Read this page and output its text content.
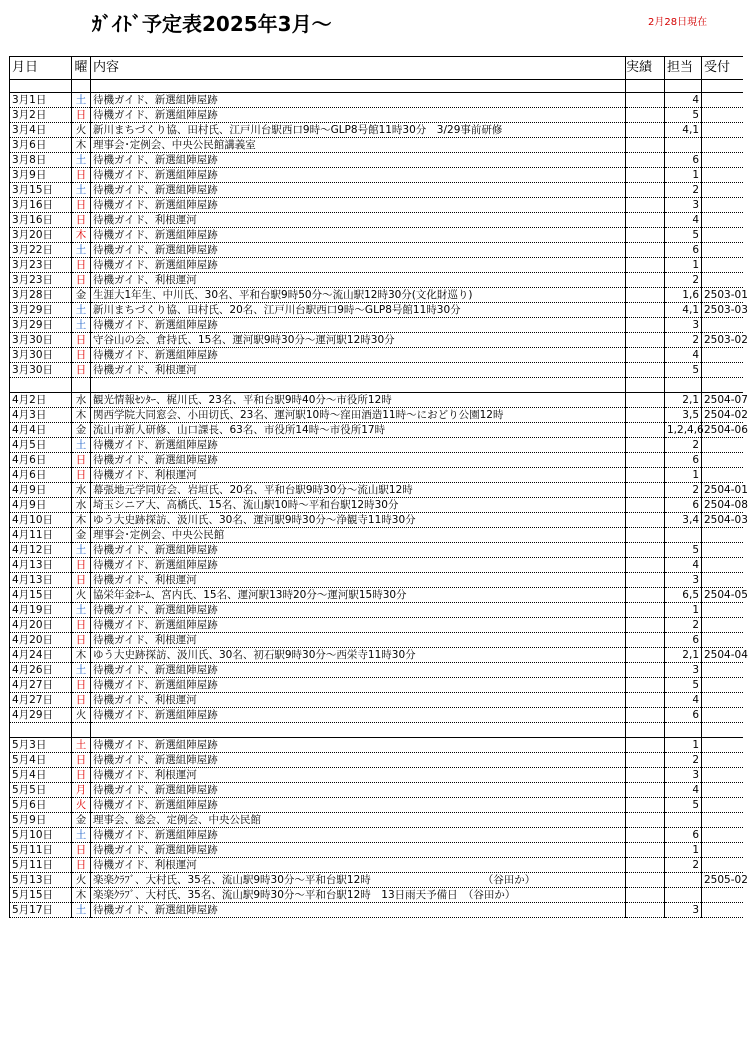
ｶﾞｲﾄﾞ予定表2025年3月～	2月28日現在
月日	曜	内容	実績	担当	受付

3月1日	土	待機ガイド、新選組陣屋跡		4	
3月2日	日	待機ガイド、新選組陣屋跡		5	
3月4日	火	新川まちづくり協、田村氏、江戸川台駅西口9時～GLP8号館11時30分　3/29事前研修		4,1	
3月6日	木	理事会･定例会、中央公民館講義室			
3月8日	土	待機ガイド、新選組陣屋跡		6	
3月9日	日	待機ガイド、新選組陣屋跡		1	
3月15日	土	待機ガイド、新選組陣屋跡		2	
3月16日	日	待機ガイド、新選組陣屋跡		3	
3月16日	日	待機ガイド、利根運河		4	
3月20日	木	待機ガイド、新選組陣屋跡		5	
3月22日	土	待機ガイド、新選組陣屋跡		6	
3月23日	日	待機ガイド、新選組陣屋跡		1	
3月23日	日	待機ガイド、利根運河		2	
3月28日	金	生涯大1年生、中川氏、30名、平和台駅9時50分～流山駅12時30分(文化財巡り)		1,6	2503-01
3月29日	土	新川まちづくり協、田村氏、20名、江戸川台駅西口9時～GLP8号館11時30分		4,1	2503-03
3月29日	土	待機ガイド、新選組陣屋跡		3	
3月30日	日	守谷山の会、倉持氏、15名、運河駅9時30分～運河駅12時30分		2	2503-02
3月30日	日	待機ガイド、新選組陣屋跡		4	
3月30日	日	待機ガイド、利根運河		5	

4月2日	水	観光情報ｾﾝﾀｰ、梶川氏、23名、平和台駅9時40分～市役所12時		2,1	2504-07
4月3日	木	関西学院大同窓会、小田切氏、23名、運河駅10時～窪田酒造11時～におどり公園12時		3,5	2504-02
4月4日	金	流山市新人研修、山口課長、63名、市役所14時～市役所17時		1,2,4,6	2504-06
4月5日	土	待機ガイド、新選組陣屋跡		2	
4月6日	日	待機ガイド、新選組陣屋跡		6	
4月6日	日	待機ガイド、利根運河		1	
4月9日	水	幕張地元学同好会、岩垣氏、20名、平和台駅9時30分～流山駅12時		2	2504-01
4月9日	水	埼玉シニア大、高橋氏、15名、流山駅10時～平和台駅12時30分		6	2504-08
4月10日	木	ゆう大史跡探訪、汲川氏、30名、運河駅9時30分～浄観寺11時30分		3,4	2504-03
4月11日	金	理事会･定例会、中央公民館			
4月12日	土	待機ガイド、新選組陣屋跡		5	
4月13日	日	待機ガイド、新選組陣屋跡		4	
4月13日	日	待機ガイド、利根運河		3	
4月15日	火	協栄年金ﾎｰﾑ、宮内氏、15名、運河駅13時20分～運河駅15時30分		6,5	2504-05
4月19日	土	待機ガイド、新選組陣屋跡		1	
4月20日	日	待機ガイド、新選組陣屋跡		2	
4月20日	日	待機ガイド、利根運河		6	
4月24日	木	ゆう大史跡探訪、汲川氏、30名、初石駅9時30分～西栄寺11時30分		2,1	2504-04
4月26日	土	待機ガイド、新選組陣屋跡		3	
4月27日	日	待機ガイド、新選組陣屋跡		5	
4月27日	日	待機ガイド、利根運河		4	
4月29日	火	待機ガイド、新選組陣屋跡		6	

5月3日	土	待機ガイド、新選組陣屋跡		1	
5月4日	日	待機ガイド、新選組陣屋跡		2	
5月4日	日	待機ガイド、利根運河		3	
5月5日	月	待機ガイド、新選組陣屋跡		4	
5月6日	火	待機ガイド、新選組陣屋跡		5	
5月9日	金	理事会、総会、定例会、中央公民館			
5月10日	土	待機ガイド、新選組陣屋跡		6	
5月11日	日	待機ガイド、新選組陣屋跡		1	
5月11日	日	待機ガイド、利根運河		2	
5月13日	火	楽楽ｸﾗﾌﾞ、大村氏、35名、流山駅9時30分～平和台駅12時 （谷田か）			2505-02
5月15日	木	楽楽ｸﾗﾌﾞ、大村氏、35名、流山駅9時30分～平和台駅12時　13日雨天予備日　（谷田か）			
5月17日	土	待機ガイド、新選組陣屋跡		3	
